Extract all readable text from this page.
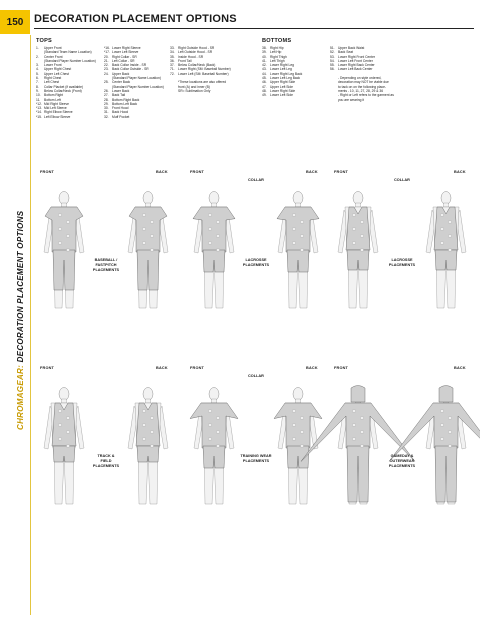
150
CHROMAGEAR: DECORATION PLACEMENT OPTIONS
DECORATION PLACEMENT OPTIONS
TOPS
1. Upper Front
(Standard Team Name Location)
2. Center Front
(Standard Player Number Location)
3. Lower Front
4. Upper Right Chest
5. Upper Left Chest
6. Right Chest
7. Left Chest
8. Collar Placket (if available)
9. Below Collar/Neck (Front)
10. Bottom Right
11. Bottom Left
*12. Mid Right Sleeve
*13. Mid Left Sleeve
*14. Right Elbow Sleeve
*15. Left Elbow Sleeve
*16. Lower Right Sleeve
*17. Lower Left Sleeve
20. Right Collar - SR
21. Left Collar - SR
22. Back Collar Inside - SR
23. Back Collar Outside - SR
24. Upper Back
(Standard Player Name Location)
25. Center Back
(Standard Player Number Location)
26. Lower Back
27. Back Tail
28. Bottom Right Back
29. Bottom Left Back
30. Front Hood
31. Back Hood
32. Muff Pocket
33. Right Outside Hood - SR
34. Left Outside Hood - SR
35. Inside Hood - SR
36. Front Tail
37. Below Collar/Neck (Back)
71. Lower Right (SM: Baseball Number)
72. Lower Left (SM: Baseball Number)
*These locations are also offered
front (A) and inner (B)
SR= Sublimation Only
BOTTOMS
38. Right Hip
39. Left Hip
40. Right Thigh
41. Left Thigh
42. Lower Right Leg
43. Lower Left Leg
44. Lower Right Leg Back
45. Lower Left Leg Back
46. Upper Right Side
47. Upper Left Side
48. Lower Right Side
49. Lower Left Side
51. Upper Back Waist
52. Back Seat
53. Lower Right Front Center
54. Lower Left Front Center
55. Lower Right Back Center
56. Lower Left Back Center
- Depending on style ordered,
decoration may NOT be viable due
to tack on on the following place-
ments - 10, 11, 27, 28, 29 & 36
- Right or Left refers to the garment as
you are wearing it
FRONT	BACK
BASEBALL /
FASTPITCH
PLACEMENTS
FRONT	BACK
COLLAR
LACROSSE
PLACEMENTS
FRONT	BACK
COLLAR
LACROSSE
PLACEMENTS
FRONT	BACK
TRACK &
FIELD
PLACEMENTS
FRONT	BACK
COLLAR
TRAINING WEAR
PLACEMENTS
FRONT	BACK
GAMEDAY &
OUTERWEAR
PLACEMENTS
